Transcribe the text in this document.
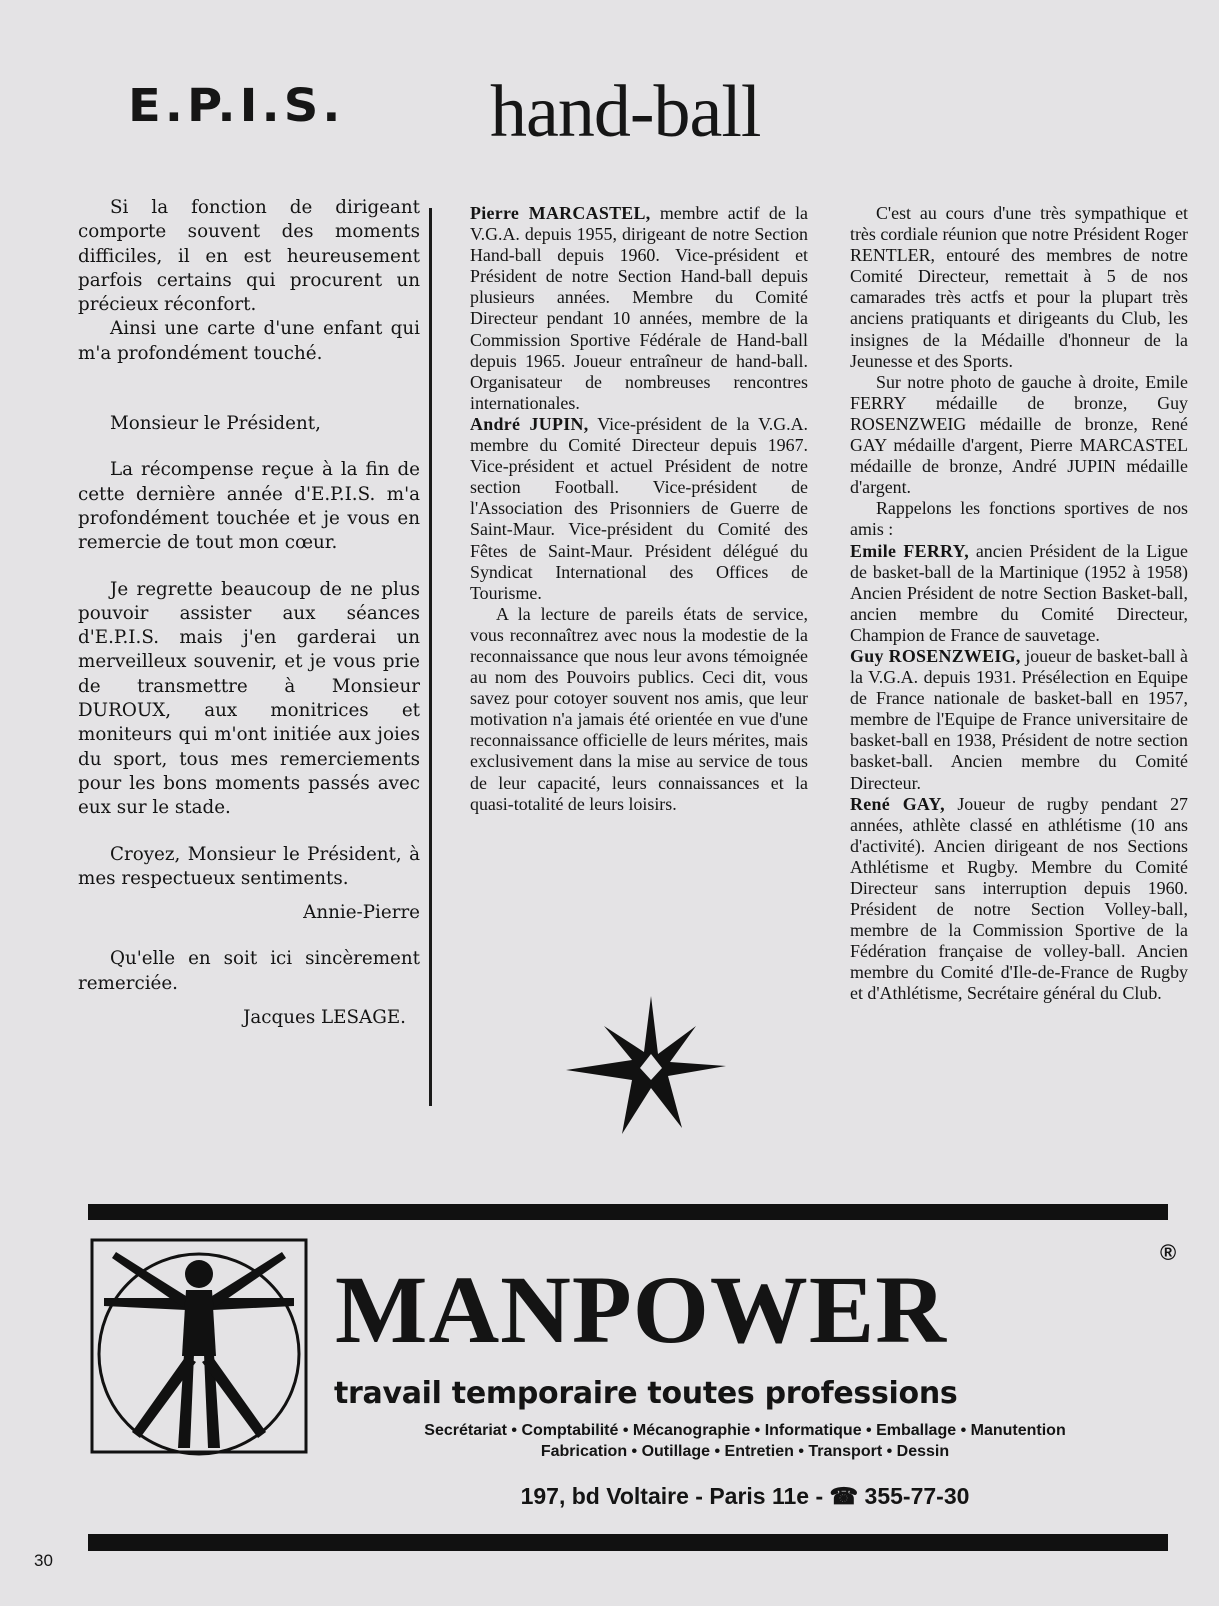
E.P.I.S. hand-ball

Si la fonction de dirigeant comporte souvent des moments difficiles, il en est heureusement parfois certains qui procurent un précieux réconfort.

Ainsi une carte d'une enfant qui m'a profondément touché.

Monsieur le Président,

La récompense reçue à la fin de cette dernière année d'E.P.I.S. m'a profondément touchée et je vous en remercie de tout mon cœur.

Je regrette beaucoup de ne plus pouvoir assister aux séances d'E.P.I.S. mais j'en garderai un merveilleux souvenir, et je vous prie de transmettre à Monsieur DUROUX, aux monitrices et moniteurs qui m'ont initiée aux joies du sport, tous mes remerciements pour les bons moments passés avec eux sur le stade.

Croyez, Monsieur le Président, à mes respectueux sentiments.

Annie-Pierre

Qu'elle en soit ici sincèrement remerciée.

Jacques LESAGE.

Pierre MARCASTEL, membre actif de la V.G.A. depuis 1955, dirigeant de notre Section Hand-ball depuis 1960. Vice-président et Président de notre Section Hand-ball depuis plusieurs années. Membre du Comité Directeur pendant 10 années, membre de la Commission Sportive Fédérale de Hand-ball depuis 1965. Joueur entraîneur de hand-ball. Organisateur de nombreuses rencontres internationales.

André JUPIN, Vice-président de la V.G.A. membre du Comité Directeur depuis 1967. Vice-président et actuel Président de notre section Football. Vice-président de l'Association des Prisonniers de Guerre de Saint-Maur. Vice-président du Comité des Fêtes de Saint-Maur. Président délégué du Syndicat International des Offices de Tourisme.

A la lecture de pareils états de service, vous reconnaîtrez avec nous la modestie de la reconnaissance que nous leur avons témoignée au nom des Pouvoirs publics. Ceci dit, vous savez pour cotoyer souvent nos amis, que leur motivation n'a jamais été orientée en vue d'une reconnaissance officielle de leurs mérites, mais exclusivement dans la mise au service de tous de leur capacité, leurs connaissances et la quasi-totalité de leurs loisirs.

C'est au cours d'une très sympathique et très cordiale réunion que notre Président Roger RENTLER, entouré des membres de notre Comité Directeur, remettait à 5 de nos camarades très actfs et pour la plupart très anciens pratiquants et dirigeants du Club, les insignes de la Médaille d'honneur de la Jeunesse et des Sports.

Sur notre photo de gauche à droite, Emile FERRY médaille de bronze, Guy ROSENZWEIG médaille de bronze, René GAY médaille d'argent, Pierre MARCASTEL médaille de bronze, André JUPIN médaille d'argent.

Rappelons les fonctions sportives de nos amis :

Emile FERRY, ancien Président de la Ligue de basket-ball de la Martinique (1952 à 1958) Ancien Président de notre Section Basket-ball, ancien membre du Comité Directeur, Champion de France de sauvetage.

Guy ROSENZWEIG, joueur de basket-ball à la V.G.A. depuis 1931. Présélection en Equipe de France nationale de basket-ball en 1957, membre de l'Equipe de France universitaire de basket-ball en 1938, Président de notre section basket-ball. Ancien membre du Comité Directeur.

René GAY, Joueur de rugby pendant 27 années, athlète classé en athlétisme (10 ans d'activité). Ancien dirigeant de nos Sections Athlétisme et Rugby. Membre du Comité Directeur sans interruption depuis 1960. Président de notre Section Volley-ball, membre de la Commission Sportive de la Fédération française de volley-ball. Ancien membre du Comité d'Ile-de-France de Rugby et d'Athlétisme, Secrétaire général du Club.

MANPOWER
®
travail temporaire toutes professions
Secrétariat • Comptabilité • Mécanographie • Informatique • Emballage • Manutention
Fabrication • Outillage • Entretien • Transport • Dessin
197, bd Voltaire - Paris 11e - ☎ 355-77-30
30
